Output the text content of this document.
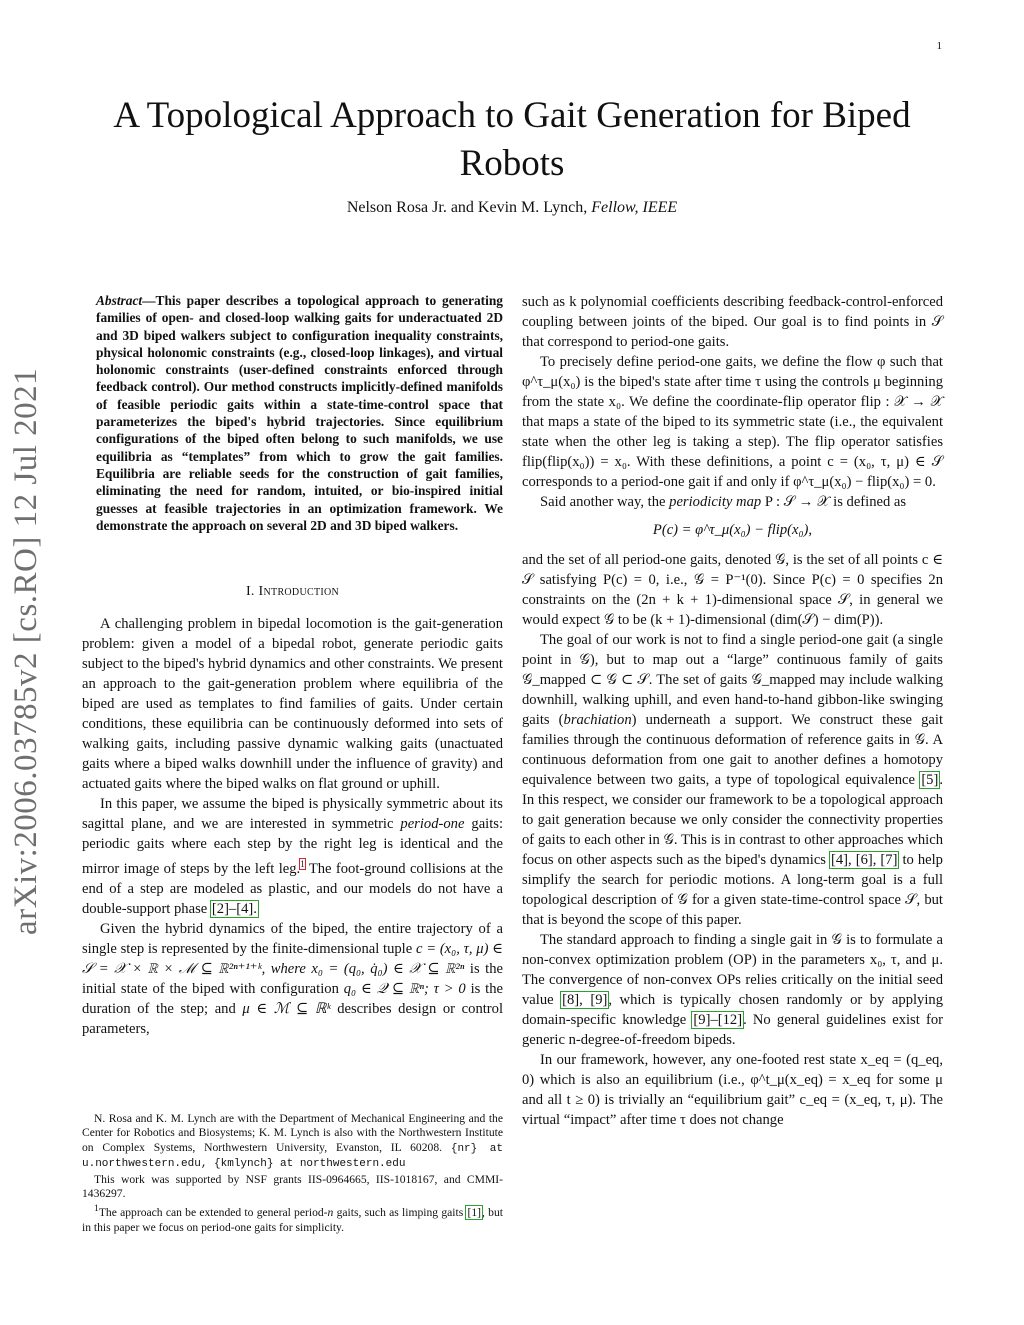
1
arXiv:2006.03785v2 [cs.RO] 12 Jul 2021
A Topological Approach to Gait Generation for Biped Robots
Nelson Rosa Jr. and Kevin M. Lynch, Fellow, IEEE

Abstract—This paper describes a topological approach to generating families of open- and closed-loop walking gaits for underactuated 2D and 3D biped walkers subject to configuration inequality constraints, physical holonomic constraints (e.g., closed-loop linkages), and virtual holonomic constraints (user-defined constraints enforced through feedback control). Our method constructs implicitly-defined manifolds of feasible periodic gaits within a state-time-control space that parameterizes the biped's hybrid trajectories. Since equilibrium configurations of the biped often belong to such manifolds, we use equilibria as “templates” from which to grow the gait families. Equilibria are reliable seeds for the construction of gait families, eliminating the need for random, intuited, or bio-inspired initial guesses at feasible trajectories in an optimization framework. We demonstrate the approach on several 2D and 3D biped walkers.

I. Introduction

A challenging problem in bipedal locomotion is the gait-generation problem: given a model of a bipedal robot, generate periodic gaits subject to the biped's hybrid dynamics and other constraints. We present an approach to the gait-generation problem where equilibria of the biped are used as templates to find families of gaits. Under certain conditions, these equilibria can be continuously deformed into sets of walking gaits, including passive dynamic walking gaits (unactuated gaits where a biped walks downhill under the influence of gravity) and actuated gaits where the biped walks on flat ground or uphill.

In this paper, we assume the biped is physically symmetric about its sagittal plane, and we are interested in symmetric period-one gaits: periodic gaits where each step by the right leg is identical and the mirror image of steps by the left leg.$^1$ The foot-ground collisions at the end of a step are modeled as plastic, and our models do not have a double-support phase [2]–[4].

Given the hybrid dynamics of the biped, the entire trajectory of a single step is represented by the finite-dimensional tuple c = (x₀, τ, μ) ∈ 𝒮 = 𝒳 × ℝ × ℳ ⊆ ℝ²ⁿ⁺¹⁺ᵏ, where x₀ = (q₀, q̇₀) ∈ 𝒳 ⊆ ℝ²ⁿ is the initial state of the biped with configuration q₀ ∈ 𝒬 ⊆ ℝⁿ; τ > 0 is the duration of the step; and μ ∈ ℳ ⊆ ℝᵏ describes design or control parameters,

N. Rosa and K. M. Lynch are with the Department of Mechanical Engineering and the Center for Robotics and Biosystems; K. M. Lynch is also with the Northwestern Institute on Complex Systems, Northwestern University, Evanston, IL 60208. {nr} at u.northwestern.edu, {kmlynch} at northwestern.edu

This work was supported by NSF grants IIS-0964665, IIS-1018167, and CMMI-1436297.

$^1$The approach can be extended to general period-n gaits, such as limping gaits [1], but in this paper we focus on period-one gaits for simplicity.

such as k polynomial coefficients describing feedback-control-enforced coupling between joints of the biped. Our goal is to find points in 𝒮 that correspond to period-one gaits.

To precisely define period-one gaits, we define the flow φ such that φ^τ_μ(x₀) is the biped's state after time τ using the controls μ beginning from the state x₀. We define the coordinate-flip operator flip : 𝒳 → 𝒳 that maps a state of the biped to its symmetric state (i.e., the equivalent state when the other leg is taking a step). The flip operator satisfies flip(flip(x₀)) = x₀. With these definitions, a point c = (x₀, τ, μ) ∈ 𝒮 corresponds to a period-one gait if and only if φ^τ_μ(x₀) − flip(x₀) = 0.

Said another way, the periodicity map P : 𝒮 → 𝒳 is defined as

P(c) = φ^τ_μ(x₀) − flip(x₀),

and the set of all period-one gaits, denoted 𝒢, is the set of all points c ∈ 𝒮 satisfying P(c) = 0, i.e., 𝒢 = P⁻¹(0). Since P(c) = 0 specifies 2n constraints on the (2n + k + 1)-dimensional space 𝒮, in general we would expect 𝒢 to be (k + 1)-dimensional (dim(𝒮) − dim(P)).

The goal of our work is not to find a single period-one gait (a single point in 𝒢), but to map out a “large” continuous family of gaits 𝒢_mapped ⊂ 𝒢 ⊂ 𝒮. The set of gaits 𝒢_mapped may include walking downhill, walking uphill, and even hand-to-hand gibbon-like swinging gaits (brachiation) underneath a support. We construct these gait families through the continuous deformation of reference gaits in 𝒢. A continuous deformation from one gait to another defines a homotopy equivalence between two gaits, a type of topological equivalence [5]. In this respect, we consider our framework to be a topological approach to gait generation because we only consider the connectivity properties of gaits to each other in 𝒢. This is in contrast to other approaches which focus on other aspects such as the biped's dynamics [4], [6], [7] to help simplify the search for periodic motions. A long-term goal is a full topological description of 𝒢 for a given state-time-control space 𝒮, but that is beyond the scope of this paper.

The standard approach to finding a single gait in 𝒢 is to formulate a non-convex optimization problem (OP) in the parameters x₀, τ, and μ. The convergence of non-convex OPs relies critically on the initial seed value [8], [9], which is typically chosen randomly or by applying domain-specific knowledge [9]–[12]. No general guidelines exist for generic n-degree-of-freedom bipeds.

In our framework, however, any one-footed rest state x_eq = (q_eq, 0) which is also an equilibrium (i.e., φ^t_μ(x_eq) = x_eq for some μ and all t ≥ 0) is trivially an “equilibrium gait” c_eq = (x_eq, τ, μ). The virtual “impact” after time τ does not change
